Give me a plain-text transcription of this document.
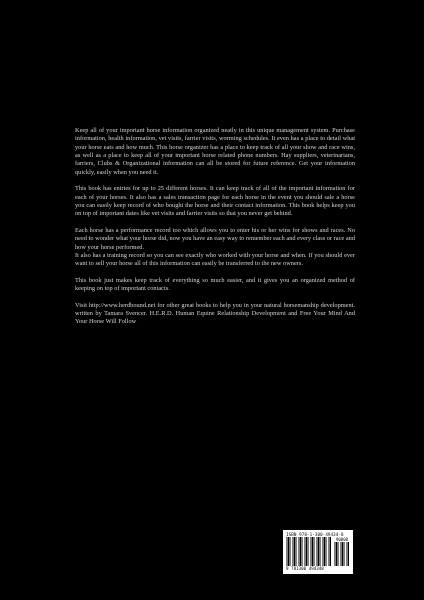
Keep all of your important horse information organized neatly in this unique management system. Purchase information, health information, vet visits, farrier visits, worming schedules. It even has a place to detail what your horse eats and how much. This horse organizer has a place to keep track of all your show and race wins, as well as a place to keep all of your important horse related phone numbers. Hay suppliers, veterinarians, farriers, Clubs & Organizational information can all be stored for future reference. Get your information quickly, easily when you need it.

This book has entries for up to 25 different horses. It can keep track of all of the important information for each of your horses. It also has a sales transaction page for each horse in the event you should sale a horse you can easily keep record of who bought the horse and their contact information. This book helps keep you on top of important dates like vet visits and farrier visits so that you never get behind.

Each horse has a performance record too which allows you to enter his or her wins for shows and races. No need to wonder what your horse did, now you have an easy way to remember each and every class or race and how your horse performed.

It also has a training record so you can see exactly who worked with your horse and when. If you should ever want to sell your horse all of this information can easily be transferred to the new owners.

This book just makes keep track of everything so much easier, and it gives you an organized method of keeping on top of important contacts.

Visit http://www.herdbound.net for other great books to help you in your natural horsemanship development. written by Tamara Svencer. H.E.R.D. Human Equine Relationship Development and Free Your Mind And Your Horse Will Follow

ISBN 978-1-300-49434-8
90000
9 781300 494348
